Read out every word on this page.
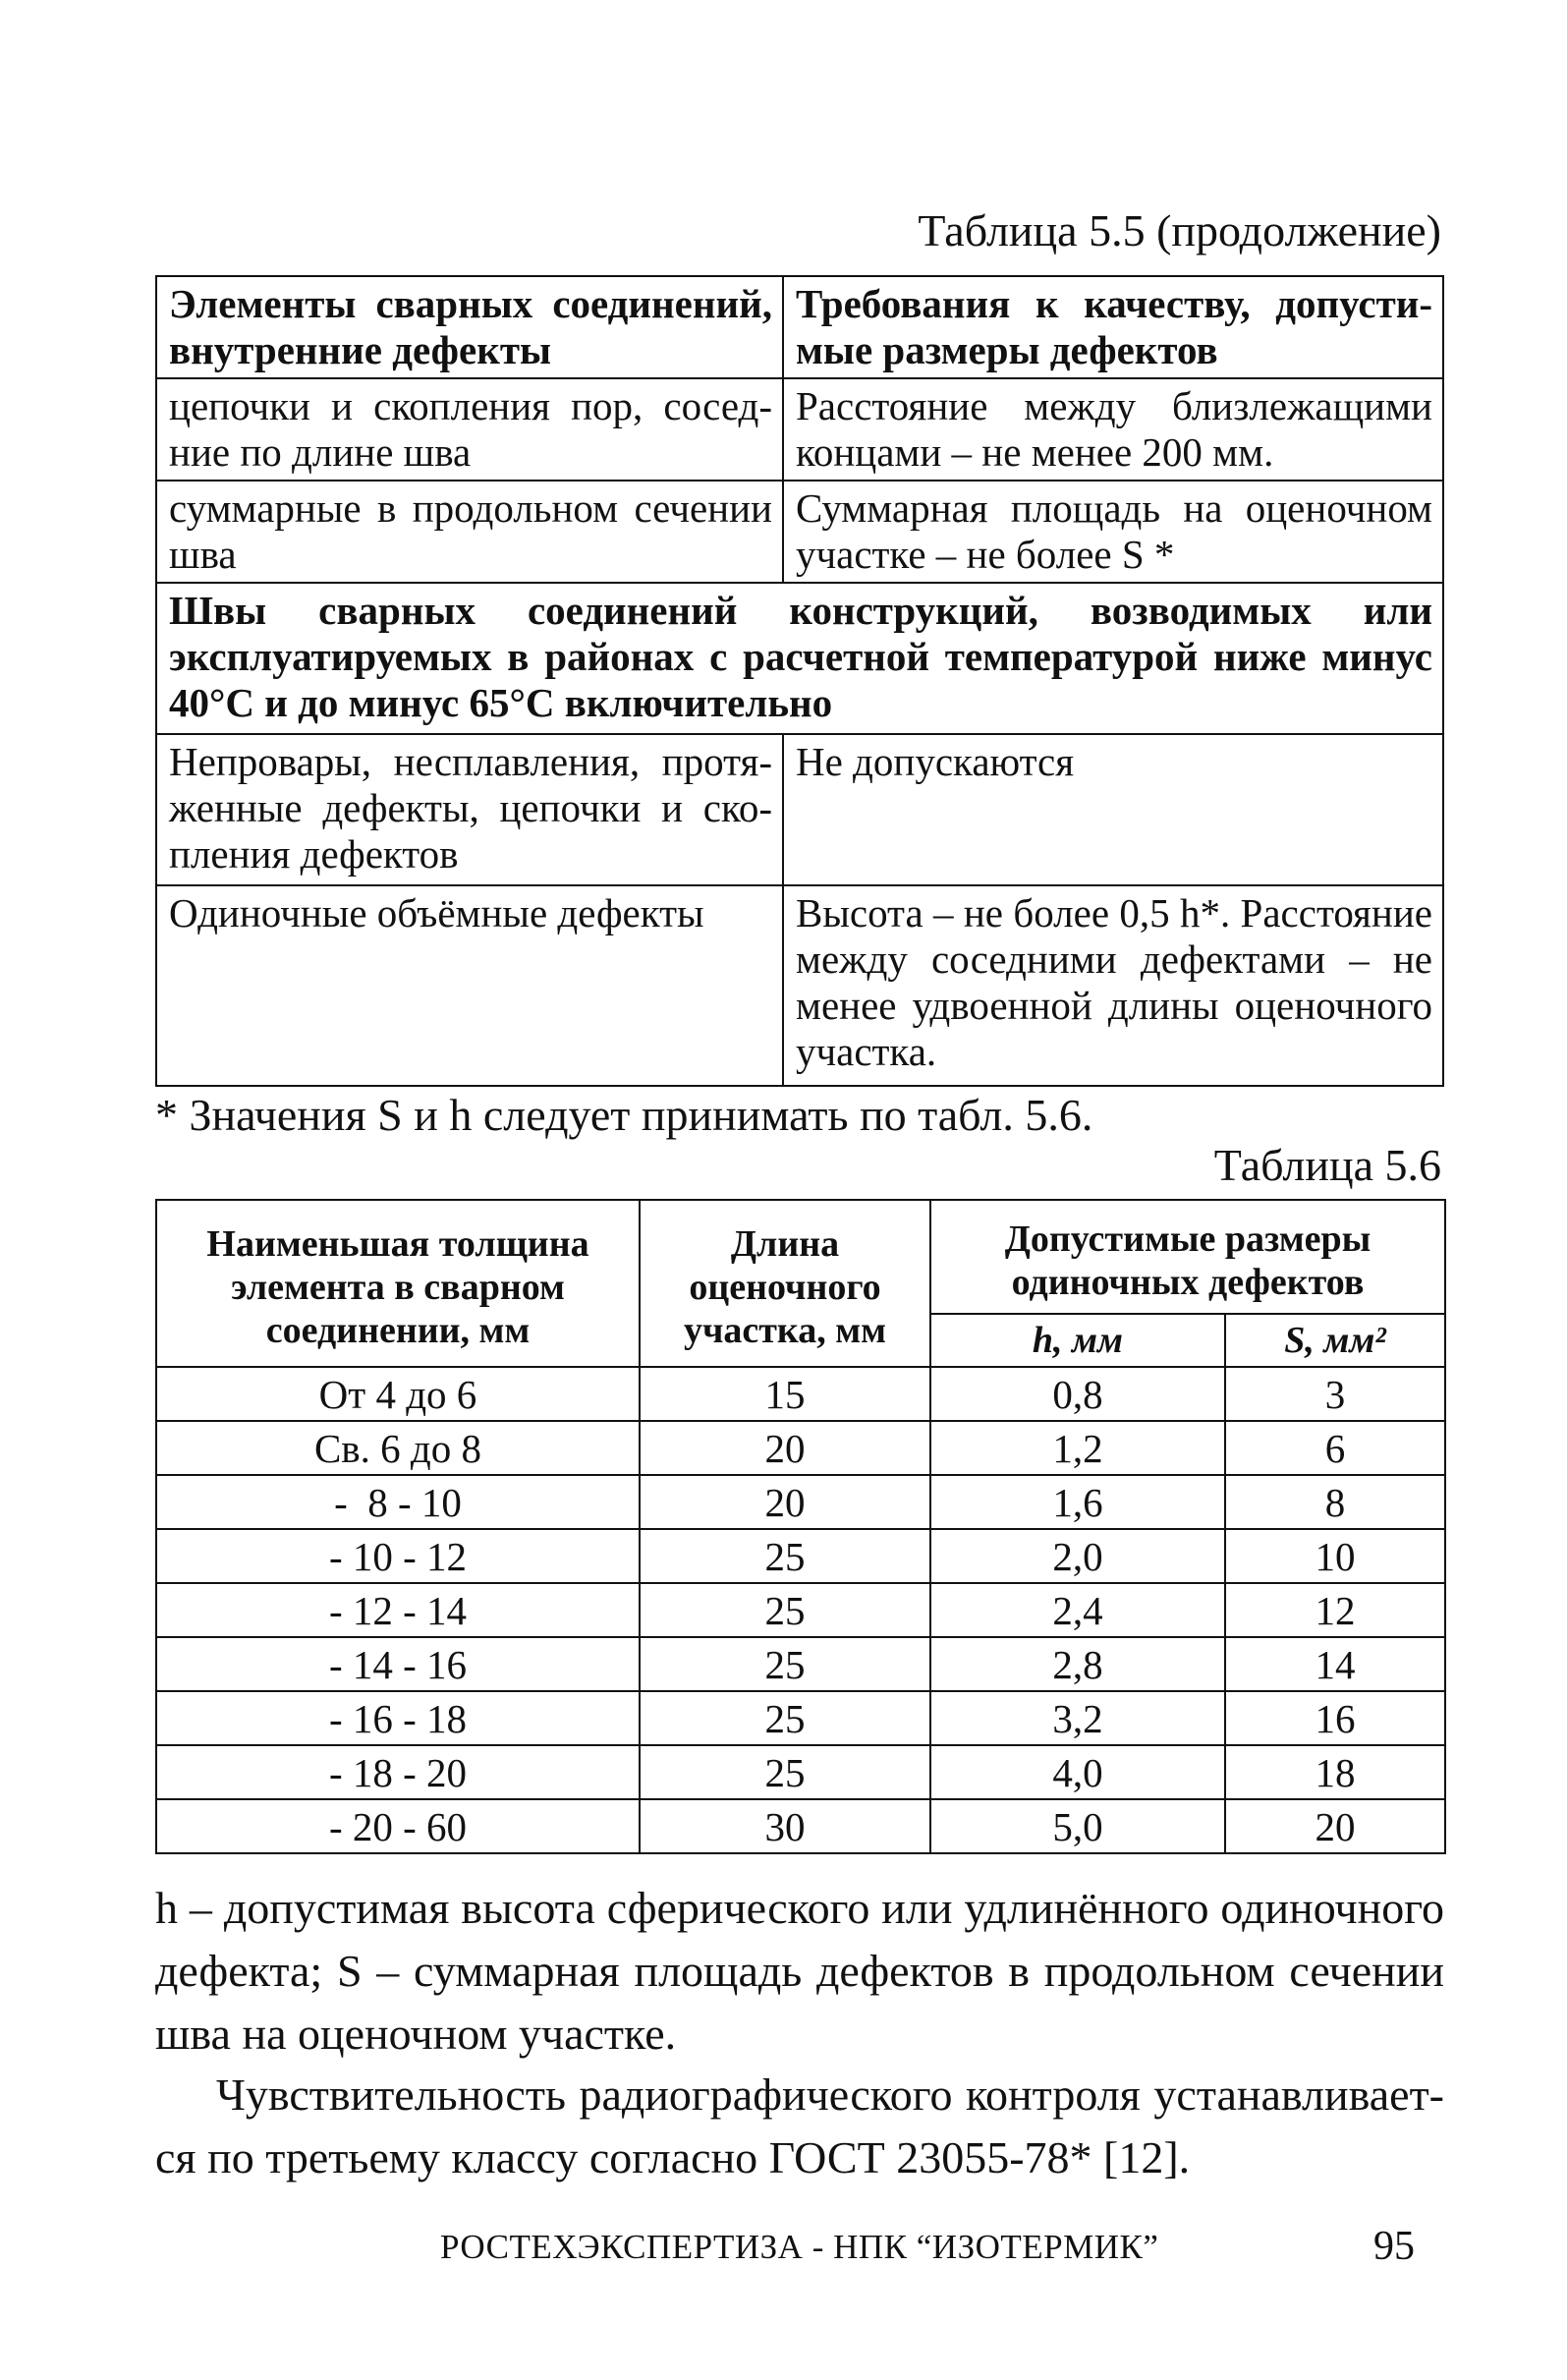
Таблица 5.5 (продолжение)
Элементы сварных соединений, внутренние дефекты	Требования к качеству, допустимые размеры дефектов
цепочки и скопления пор, соседние по длине шва	Расстояние между близлежащими концами – не менее 200 мм.
суммарные в продольном сечении шва	Суммарная площадь на оценочном участке – не более S *
Швы сварных соединений конструкций, возводимых или эксплуатируемых в районах с расчетной температурой ниже минус 40°С и до минус 65°С включительно	
Непровары, несплавления, протяженные дефекты, цепочки и скопления дефектов	Не допускаются
Одиночные объёмные дефекты	Высота – не более 0,5 h*. Расстояние между соседними дефектами – не менее удвоенной длины оценочного участка.
* Значения S и h следует принимать по табл. 5.6.
Таблица 5.6
Наименьшая толщина элемента в сварном соединении, мм	Длина оценочного участка, мм	Допустимые размеры одиночных дефектов	
		h, мм	S, мм²
От 4 до 6	15	0,8	3
Св. 6 до 8	20	1,2	6
-  8 - 10	20	1,6	8
- 10 - 12	25	2,0	10
- 12 - 14	25	2,4	12
- 14 - 16	25	2,8	14
- 16 - 18	25	3,2	16
- 18 - 20	25	4,0	18
- 20 - 60	30	5,0	20
h – допустимая высота сферического или удлинённого одиночного дефекта; S – суммарная площадь дефектов в продольном сечении шва на оценочном участке.
Чувствительность радиографического контроля устанавливается по третьему классу согласно ГОСТ 23055-78* [12].
РОСТЕХЭКСПЕРТИЗА - НПК “ИЗОТЕРМИК”	95
